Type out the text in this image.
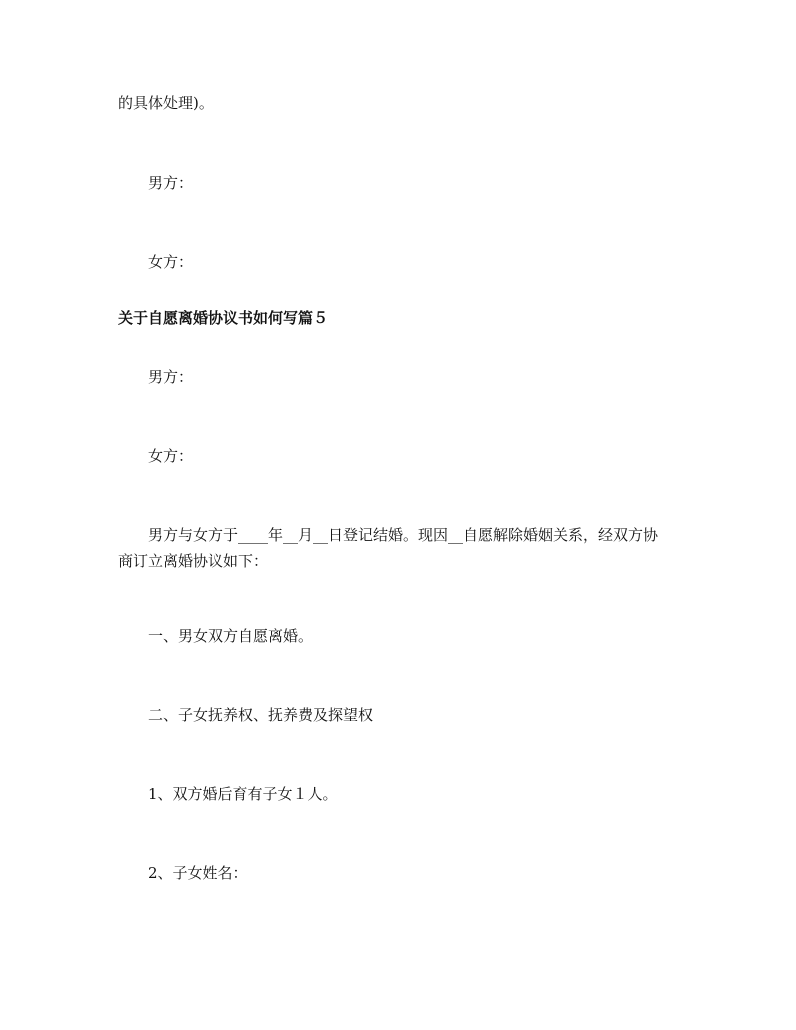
的具体处理)。
男方：
女方：
关于自愿离婚协议书如何写篇５
男方：
女方：
男方与女方于____年__月__日登记结婚。现因__自愿解除婚姻关系，经双方协
商订立离婚协议如下：
一、男女双方自愿离婚。
二、子女抚养权、抚养费及探望权
1、双方婚后育有子女１人。
2、子女姓名：
